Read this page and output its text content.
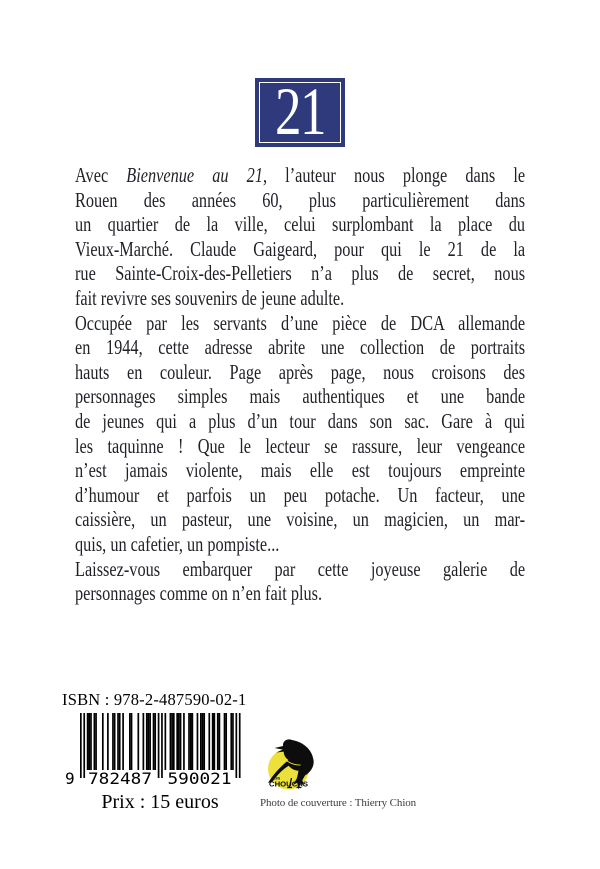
21
Avec Bienvenue au 21, l’auteur nous plonge dans le
Rouen des années 60, plus particulièrement dans
un quartier de la ville, celui surplombant la place du
Vieux-Marché. Claude Gaigeard, pour qui le 21 de la
rue Sainte-Croix-des-Pelletiers n’a plus de secret, nous
fait revivre ses souvenirs de jeune adulte.
Occupée par les servants d’une pièce de DCA allemande
en 1944, cette adresse abrite une collection de portraits
hauts en couleur. Page après page, nous croisons des
personnages simples mais authentiques et une bande
de jeunes qui a plus d’un tour dans son sac. Gare à qui
les taquinne ! Que le lecteur se rassure, leur vengeance
n’est jamais violente, mais elle est toujours empreinte
d’humour et parfois un peu potache. Un facteur, une
caissière, un pasteur, une voisine, un magicien, un mar-
quis, un cafetier, un pompiste...
Laissez-vous embarquer par cette joyeuse galerie de
personnages comme on n’en fait plus.
ISBN : 978-2-487590-02-1
9 782487 590021
Prix : 15 euros
Les
CHOUCAS
Photo de couverture : Thierry Chion
